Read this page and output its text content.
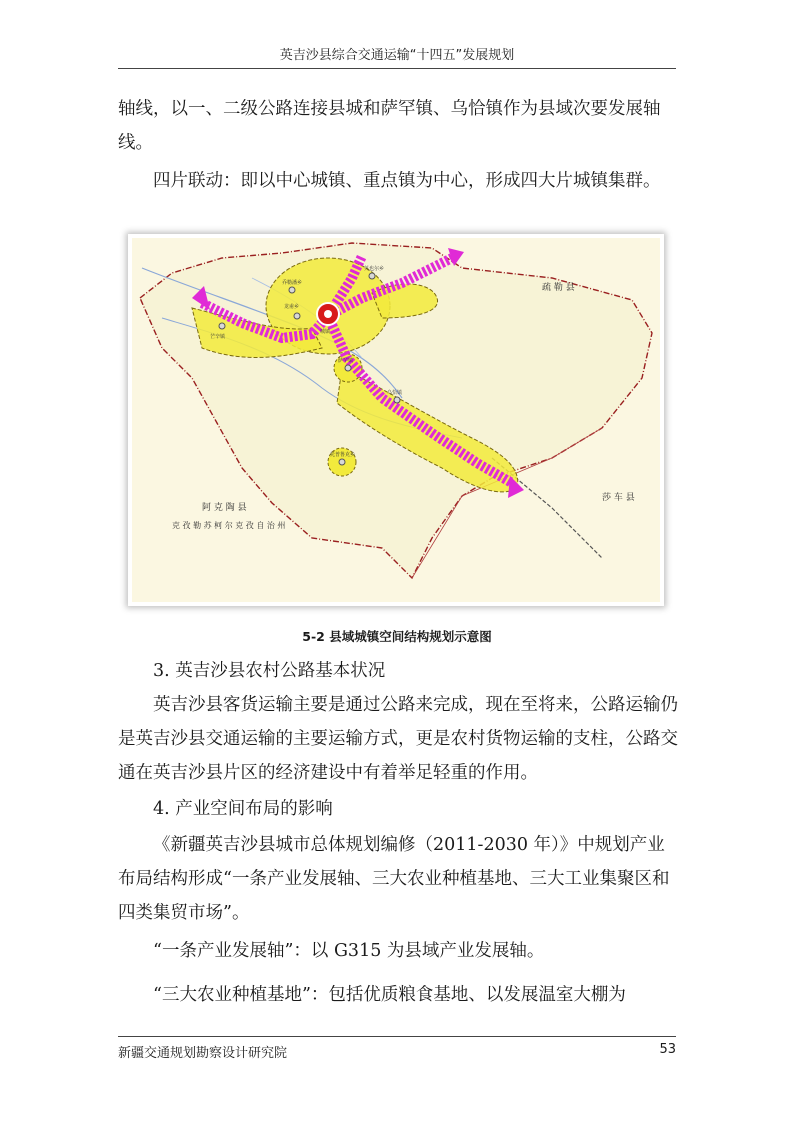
英吉沙县综合交通运输“十四五”发展规划

轴线，以一、二级公路连接县城和萨罕镇、乌恰镇作为县域次要发展轴线。

四片联动：即以中心城镇、重点镇为中心，形成四大片城镇集群。

疏 勒 县
莎 车 县
阿 克 陶 县
克 孜 勒 苏 柯 尔 克 孜 自 治 州
乔勒潘乡
英也尔乡
龙甫乡
城镇
芒辛镇
萨罕镇
乌恰镇
托普鲁克乡
5-2 县域城镇空间结构规划示意图

3. 英吉沙县农村公路基本状况

英吉沙县客货运输主要是通过公路来完成，现在至将来，公路运输仍是英吉沙县交通运输的主要运输方式，更是农村货物运输的支柱，公路交通在英吉沙县片区的经济建设中有着举足轻重的作用。

4. 产业空间布局的影响

《新疆英吉沙县城市总体规划编修（2011-2030 年）》中规划产业布局结构形成“一条产业发展轴、三大农业种植基地、三大工业集聚区和四类集贸市场”。

“一条产业发展轴”：以 G315 为县域产业发展轴。

“三大农业种植基地”：包括优质粮食基地、以发展温室大棚为

新疆交通规划勘察设计研究院	53
